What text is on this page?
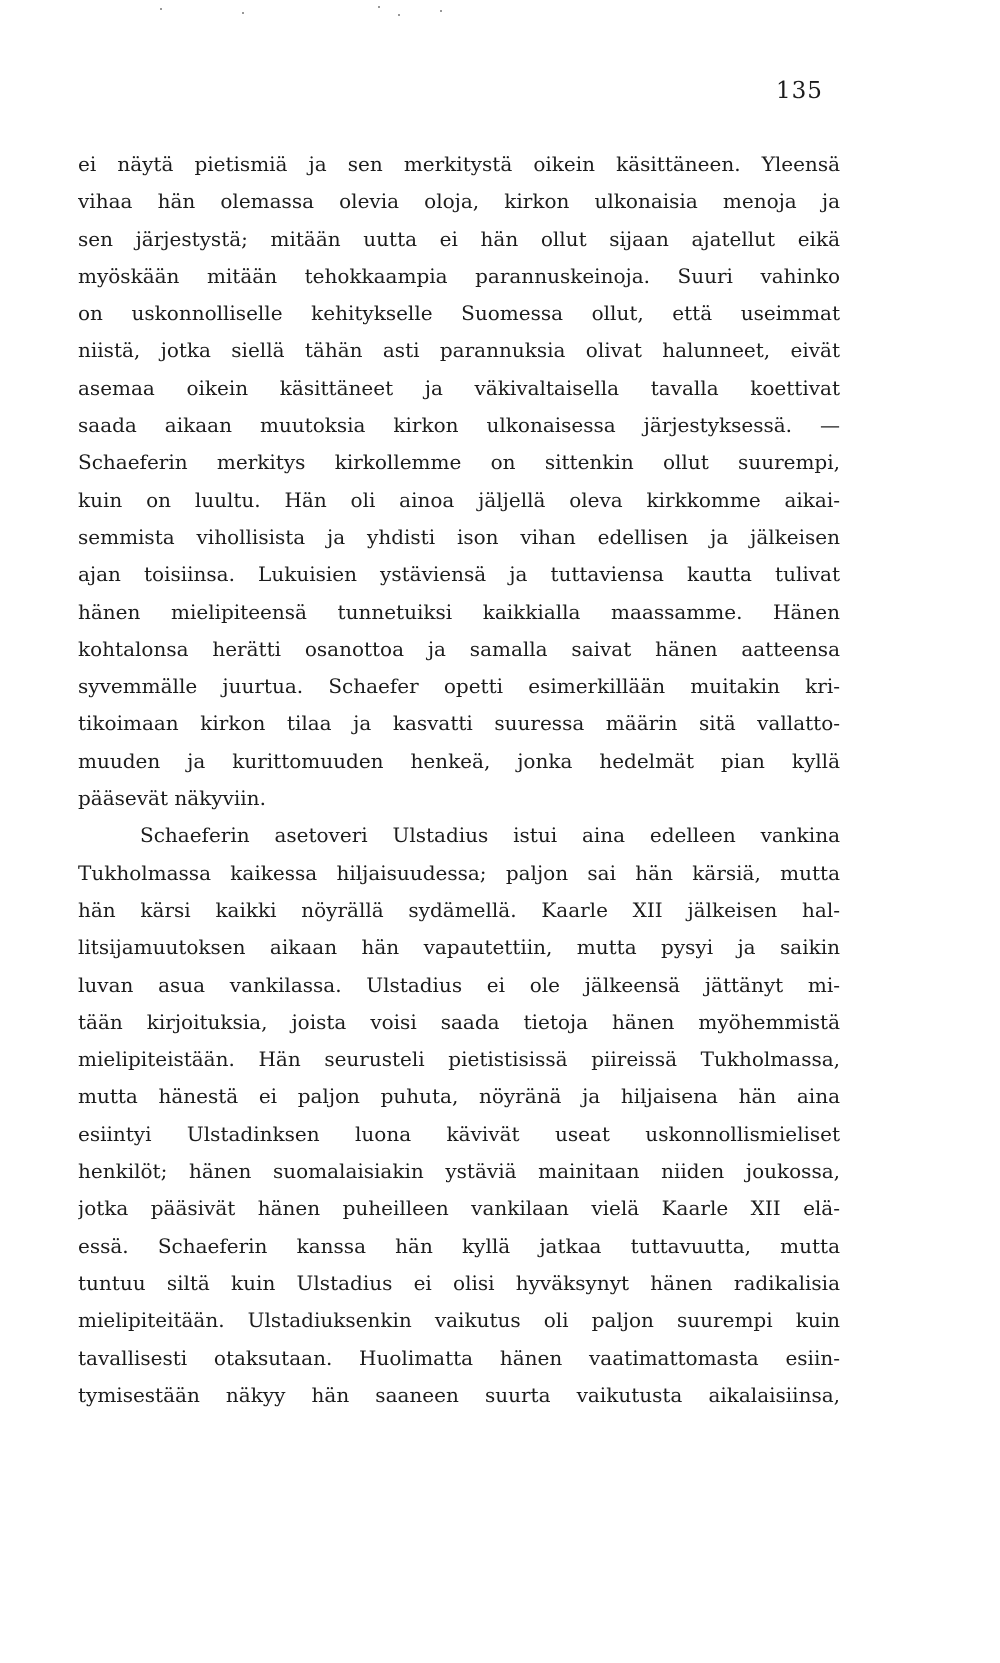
135
ei näytä pietismiä ja sen merkitystä oikein käsittäneen. Yleensä
vihaa hän olemassa olevia oloja, kirkon ulkonaisia menoja ja
sen järjestystä; mitään uutta ei hän ollut sijaan ajatellut eikä
myöskään mitään tehokkaampia parannuskeinoja. Suuri vahinko
on uskonnolliselle kehitykselle Suomessa ollut, että useimmat
niistä, jotka siellä tähän asti parannuksia olivat halunneet, eivät
asemaa oikein käsittäneet ja väkivaltaisella tavalla koettivat
saada aikaan muutoksia kirkon ulkonaisessa järjestyksessä. —
Schaeferin merkitys kirkollemme on sittenkin ollut suurempi,
kuin on luultu. Hän oli ainoa jäljellä oleva kirkkomme aikai-
semmista vihollisista ja yhdisti ison vihan edellisen ja jälkeisen
ajan toisiinsa. Lukuisien ystäviensä ja tuttaviensa kautta tulivat
hänen mielipiteensä tunnetuiksi kaikkialla maassamme. Hänen
kohtalonsa herätti osanottoa ja samalla saivat hänen aatteensa
syvemmälle juurtua. Schaefer opetti esimerkillään muitakin kri-
tikoimaan kirkon tilaa ja kasvatti suuressa määrin sitä vallatto-
muuden ja kurittomuuden henkeä, jonka hedelmät pian kyllä
pääsevät näkyviin.
Schaeferin asetoveri Ulstadius istui aina edelleen vankina
Tukholmassa kaikessa hiljaisuudessa; paljon sai hän kärsiä, mutta
hän kärsi kaikki nöyrällä sydämellä. Kaarle XII jälkeisen hal-
litsijamuutoksen aikaan hän vapautettiin, mutta pysyi ja saikin
luvan asua vankilassa. Ulstadius ei ole jälkeensä jättänyt mi-
tään kirjoituksia, joista voisi saada tietoja hänen myöhemmistä
mielipiteistään. Hän seurusteli pietistisissä piireissä Tukholmassa,
mutta hänestä ei paljon puhuta, nöyränä ja hiljaisena hän aina
esiintyi Ulstadinksen luona kävivät useat uskonnollismieliset
henkilöt; hänen suomalaisiakin ystäviä mainitaan niiden joukossa,
jotka pääsivät hänen puheilleen vankilaan vielä Kaarle XII elä-
essä. Schaeferin kanssa hän kyllä jatkaa tuttavuutta, mutta
tuntuu siltä kuin Ulstadius ei olisi hyväksynyt hänen radikalisia
mielipiteitään. Ulstadiuksenkin vaikutus oli paljon suurempi kuin
tavallisesti otaksutaan. Huolimatta hänen vaatimattomasta esiin-
tymisestään näkyy hän saaneen suurta vaikutusta aikalaisiinsa,
